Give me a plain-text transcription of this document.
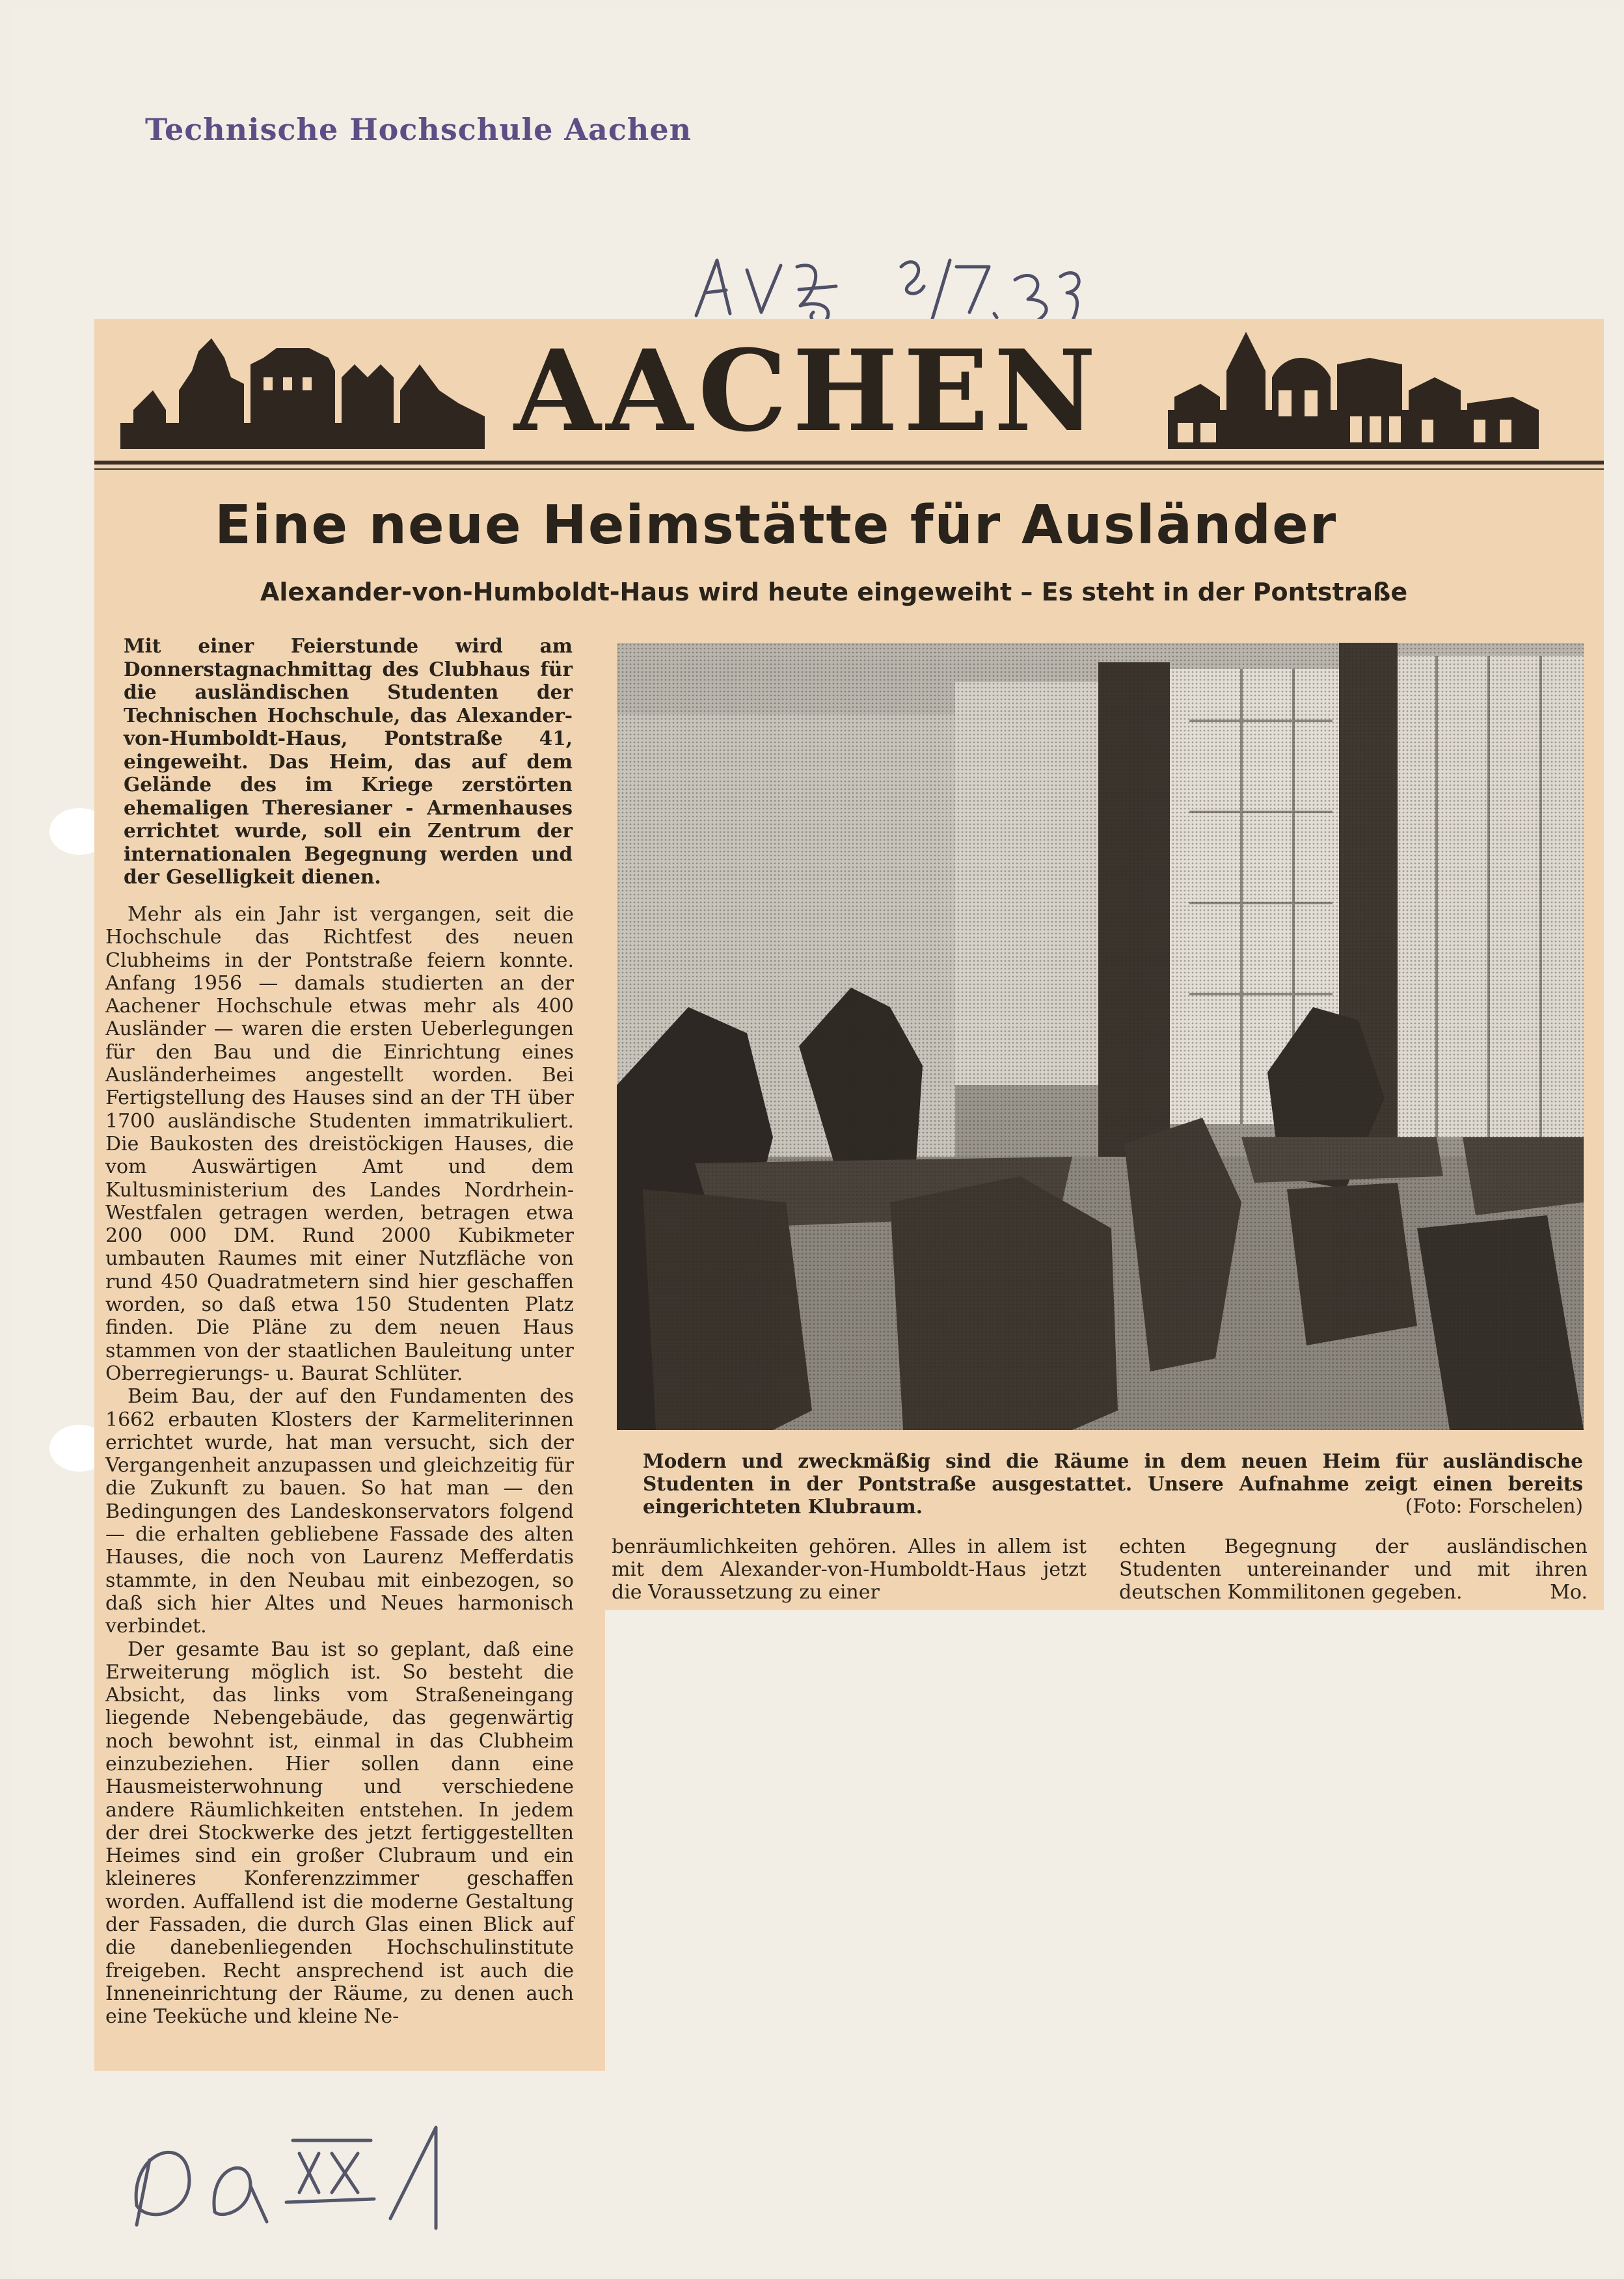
Technische Hochschule Aachen
AACHEN
Eine neue Heimstätte für Ausländer
Alexander-von-Humboldt-Haus wird heute eingeweiht – Es steht in der Pontstraße

Mit einer Feierstunde wird am Donnerstagnachmittag des Clubhaus für die ausländischen Studenten der Technischen Hochschule, das Alexander-von-Humboldt-Haus, Pontstraße 41, eingeweiht. Das Heim, das auf dem Gelände des im Kriege zerstörten ehemaligen Theresianer - Armenhauses errichtet wurde, soll ein Zentrum der internationalen Begegnung werden und der Geselligkeit dienen.

Mehr als ein Jahr ist vergangen, seit die Hochschule das Richtfest des neuen Clubheims in der Pontstraße feiern konnte. Anfang 1956 — damals studierten an der Aachener Hochschule etwas mehr als 400 Ausländer — waren die ersten Ueberlegungen für den Bau und die Einrichtung eines Ausländerheimes angestellt worden. Bei Fertigstellung des Hauses sind an der TH über 1700 ausländische Studenten immatrikuliert. Die Baukosten des dreistöckigen Hauses, die vom Auswärtigen Amt und dem Kultusministerium des Landes Nordrhein-Westfalen getragen werden, betragen etwa 200 000 DM. Rund 2000 Kubikmeter umbauten Raumes mit einer Nutzfläche von rund 450 Quadratmetern sind hier geschaffen worden, so daß etwa 150 Studenten Platz finden. Die Pläne zu dem neuen Haus stammen von der staatlichen Bauleitung unter Oberregierungs- u. Baurat Schlüter.

Beim Bau, der auf den Fundamenten des 1662 erbauten Klosters der Karmeliterinnen errichtet wurde, hat man versucht, sich der Vergangenheit anzupassen und gleichzeitig für die Zukunft zu bauen. So hat man — den Bedingungen des Landeskonservators folgend — die erhalten gebliebene Fassade des alten Hauses, die noch von Laurenz Mefferdatis stammte, in den Neubau mit einbezogen, so daß sich hier Altes und Neues harmonisch verbindet.

Der gesamte Bau ist so geplant, daß eine Erweiterung möglich ist. So besteht die Absicht, das links vom Straßeneingang liegende Nebengebäude, das gegenwärtig noch bewohnt ist, einmal in das Clubheim einzubeziehen. Hier sollen dann eine Hausmeisterwohnung und verschiedene andere Räumlichkeiten entstehen. In jedem der drei Stockwerke des jetzt fertiggestellten Heimes sind ein großer Clubraum und ein kleineres Konferenzzimmer geschaffen worden. Auffallend ist die moderne Gestaltung der Fassaden, die durch Glas einen Blick auf die danebenliegenden Hochschulinstitute freigeben. Recht ansprechend ist auch die Inneneinrichtung der Räume, zu denen auch eine Teeküche und kleine Ne-

Modern und zweckmäßig sind die Räume in dem neuen Heim für ausländische Studenten in der Pontstraße ausgestattet. Unsere Aufnahme zeigt einen bereits eingerichteten Klubraum.	(Foto: Forschelen)

benräumlichkeiten gehören. Alles in allem ist mit dem Alexander-von-Humboldt-Haus jetzt die Voraussetzung zu einer

echten Begegnung der ausländischen Studenten untereinander und mit ihren deutschen Kommilitonen gegeben.	Mo.
